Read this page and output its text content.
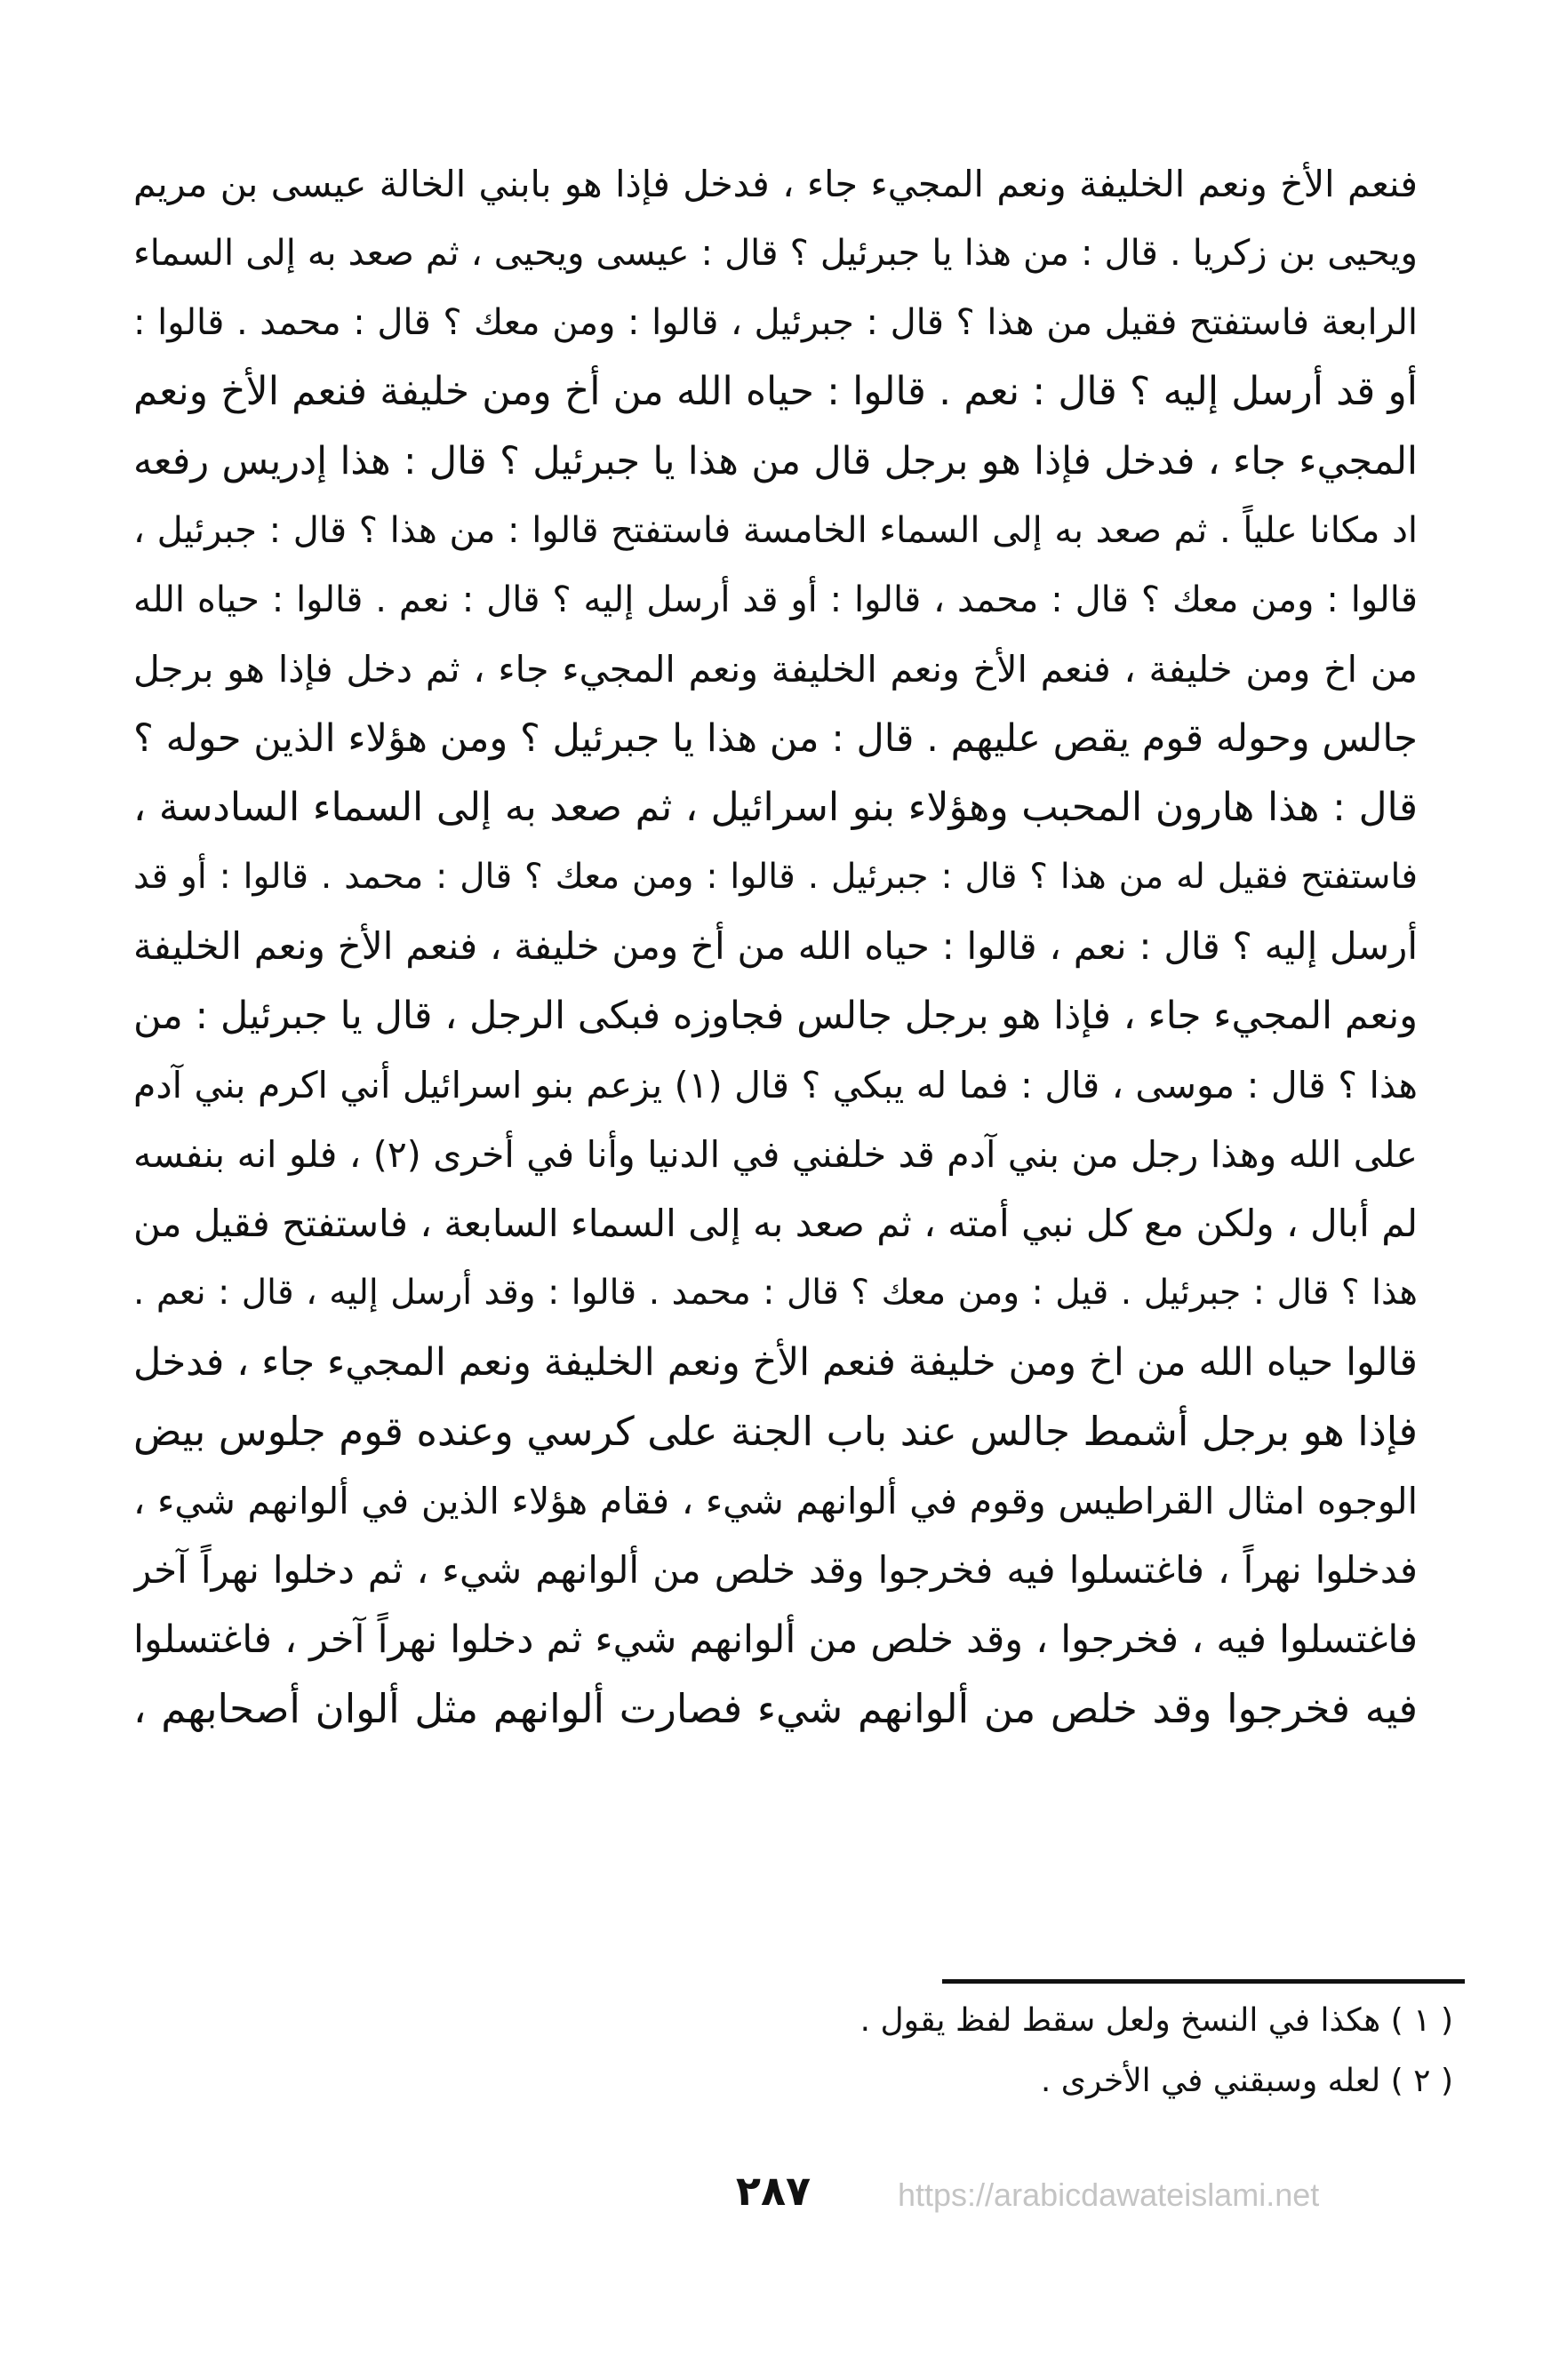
فنعم الأخ ونعم الخليفة ونعم المجيء جاء ، فدخل فإذا هو بابني الخالة عيسى بن مريم
ويحيى بن زكريا . قال : من هذا يا جبرئيل ؟ قال : عيسى ويحيى ، ثم صعد به إلى السماء
الرابعة فاستفتح فقيل من هذا ؟ قال : جبرئيل ، قالوا : ومن معك ؟ قال : محمد . قالوا :
أو قد أرسل إليه ؟ قال : نعم . قالوا : حياه الله من أخ ومن خليفة فنعم الأخ ونعم
المجيء جاء ، فدخل فإذا هو برجل قال من هذا يا جبرئيل ؟ قال : هذا إدريس رفعه
اد مكانا علياً . ثم صعد به إلى السماء الخامسة فاستفتح قالوا : من هذا ؟ قال : جبرئيل ،
قالوا : ومن معك ؟ قال : محمد ، قالوا : أو قد أرسل إليه ؟ قال : نعم . قالوا : حياه الله
من اخ ومن خليفة ، فنعم الأخ ونعم الخليفة ونعم المجيء جاء ، ثم دخل فإذا هو برجل
جالس وحوله قوم يقص عليهم . قال : من هذا يا جبرئيل ؟ ومن هؤلاء الذين حوله ؟
قال : هذا هارون المحبب وهؤلاء بنو اسرائيل ، ثم صعد به إلى السماء السادسة ،
فاستفتح فقيل له من هذا ؟ قال : جبرئيل . قالوا : ومن معك ؟ قال : محمد . قالوا : أو قد
أرسل إليه ؟ قال : نعم ، قالوا : حياه الله من أخ ومن خليفة ، فنعم الأخ ونعم الخليفة
ونعم المجيء جاء ، فإذا هو برجل جالس فجاوزه فبكى الرجل ، قال يا جبرئيل : من
هذا ؟ قال : موسى ، قال : فما له يبكي ؟ قال (١) يزعم بنو اسرائيل أني اكرم بني آدم
على الله وهذا رجل من بني آدم قد خلفني في الدنيا وأنا في أخرى (٢) ، فلو انه بنفسه
لم أبال ، ولكن مع كل نبي أمته ، ثم صعد به إلى السماء السابعة ، فاستفتح فقيل من
هذا ؟ قال : جبرئيل . قيل : ومن معك ؟ قال : محمد . قالوا : وقد أرسل إليه ، قال : نعم .
قالوا حياه الله من اخ ومن خليفة فنعم الأخ ونعم الخليفة ونعم المجيء جاء ، فدخل
فإذا هو برجل أشمط جالس عند باب الجنة على كرسي وعنده قوم جلوس بيض
الوجوه امثال القراطيس وقوم في ألوانهم شيء ، فقام هؤلاء الذين في ألوانهم شيء ،
فدخلوا نهراً ، فاغتسلوا فيه فخرجوا وقد خلص من ألوانهم شيء ، ثم دخلوا نهراً آخر
فاغتسلوا فيه ، فخرجوا ، وقد خلص من ألوانهم شيء ثم دخلوا نهراً آخر ، فاغتسلوا
فيه فخرجوا وقد خلص من ألوانهم شيء فصارت ألوانهم مثل ألوان أصحابهم ،
( ١ ) هكذا في النسخ ولعل سقط لفظ يقول .
( ٢ ) لعله وسبقني في الأخرى .
٢٨٧	https://arabicdawateislami.net
